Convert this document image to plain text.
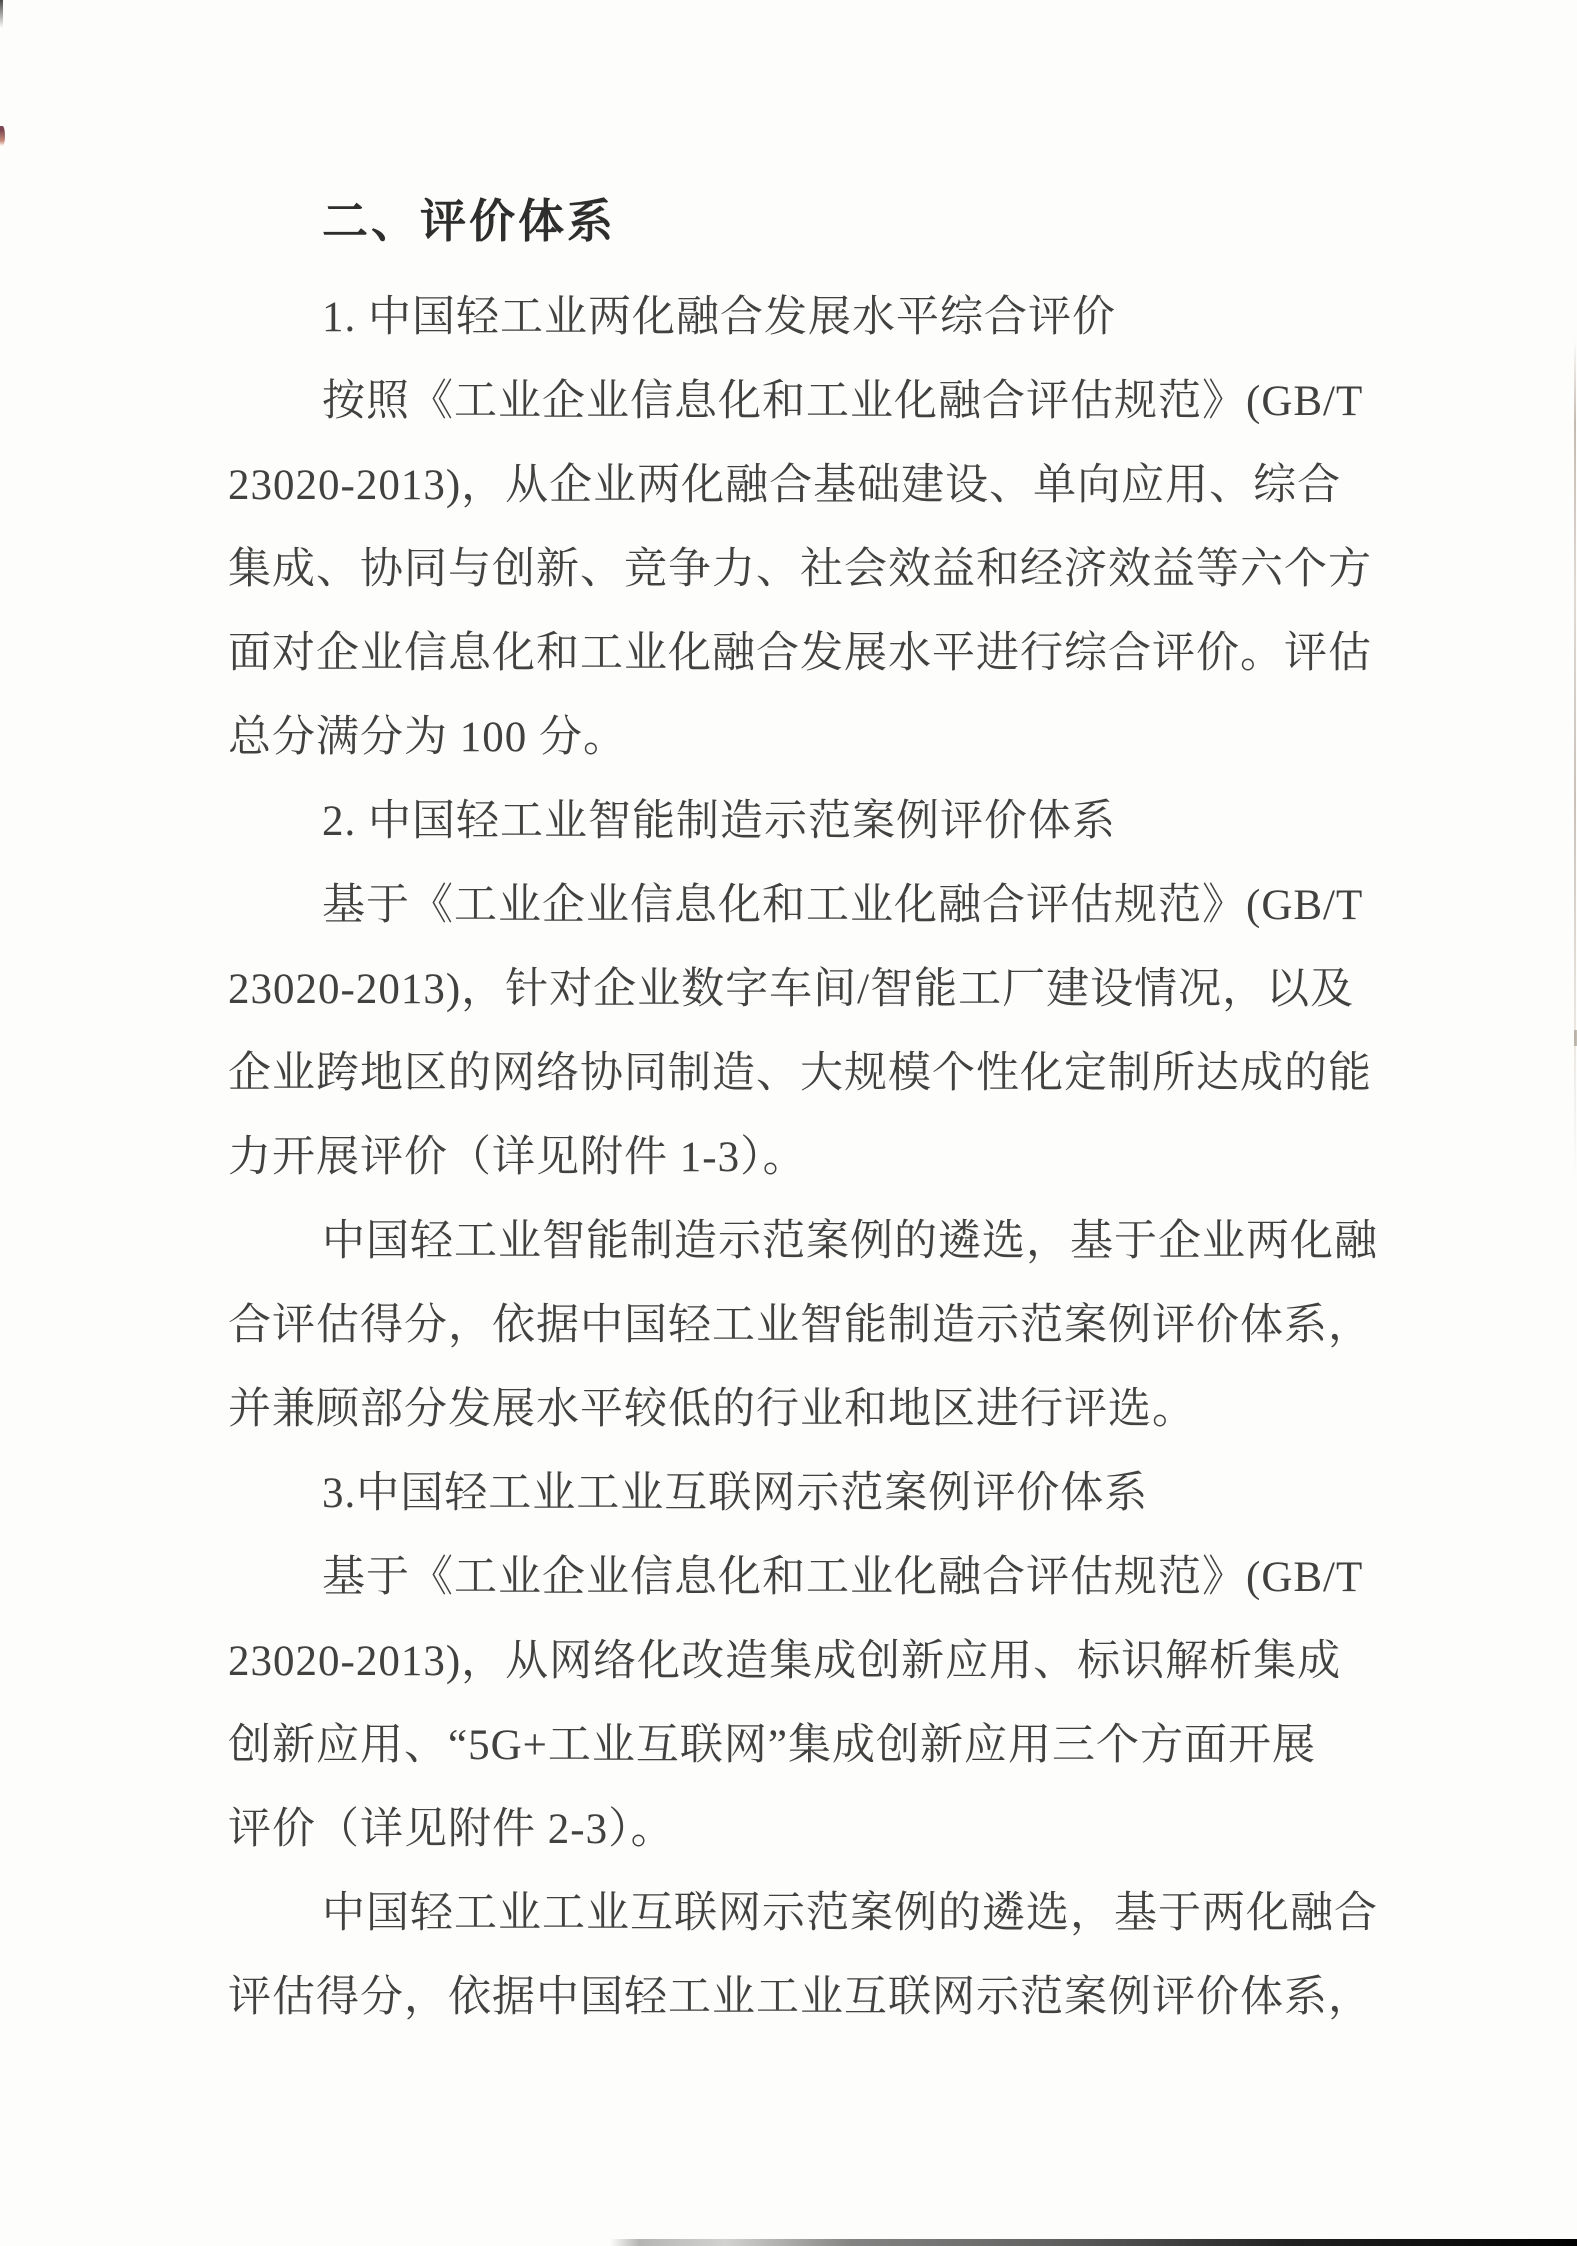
二、评价体系
1. 中国轻工业两化融合发展水平综合评价
按照《工业企业信息化和工业化融合评估规范》(GB/T
23020-2013)，从企业两化融合基础建设、单向应用、综合
集成、协同与创新、竞争力、社会效益和经济效益等六个方
面对企业信息化和工业化融合发展水平进行综合评价。评估
总分满分为 100 分。
2. 中国轻工业智能制造示范案例评价体系
基于《工业企业信息化和工业化融合评估规范》(GB/T
23020-2013)，针对企业数字车间/智能工厂建设情况，以及
企业跨地区的网络协同制造、大规模个性化定制所达成的能
力开展评价（详见附件 1-3）。
中国轻工业智能制造示范案例的遴选，基于企业两化融
合评估得分，依据中国轻工业智能制造示范案例评价体系，
并兼顾部分发展水平较低的行业和地区进行评选。
3.中国轻工业工业互联网示范案例评价体系
基于《工业企业信息化和工业化融合评估规范》(GB/T
23020-2013)，从网络化改造集成创新应用、标识解析集成
创新应用、“5G+工业互联网”集成创新应用三个方面开展
评价（详见附件 2-3）。
中国轻工业工业互联网示范案例的遴选，基于两化融合
评估得分，依据中国轻工业工业互联网示范案例评价体系，
